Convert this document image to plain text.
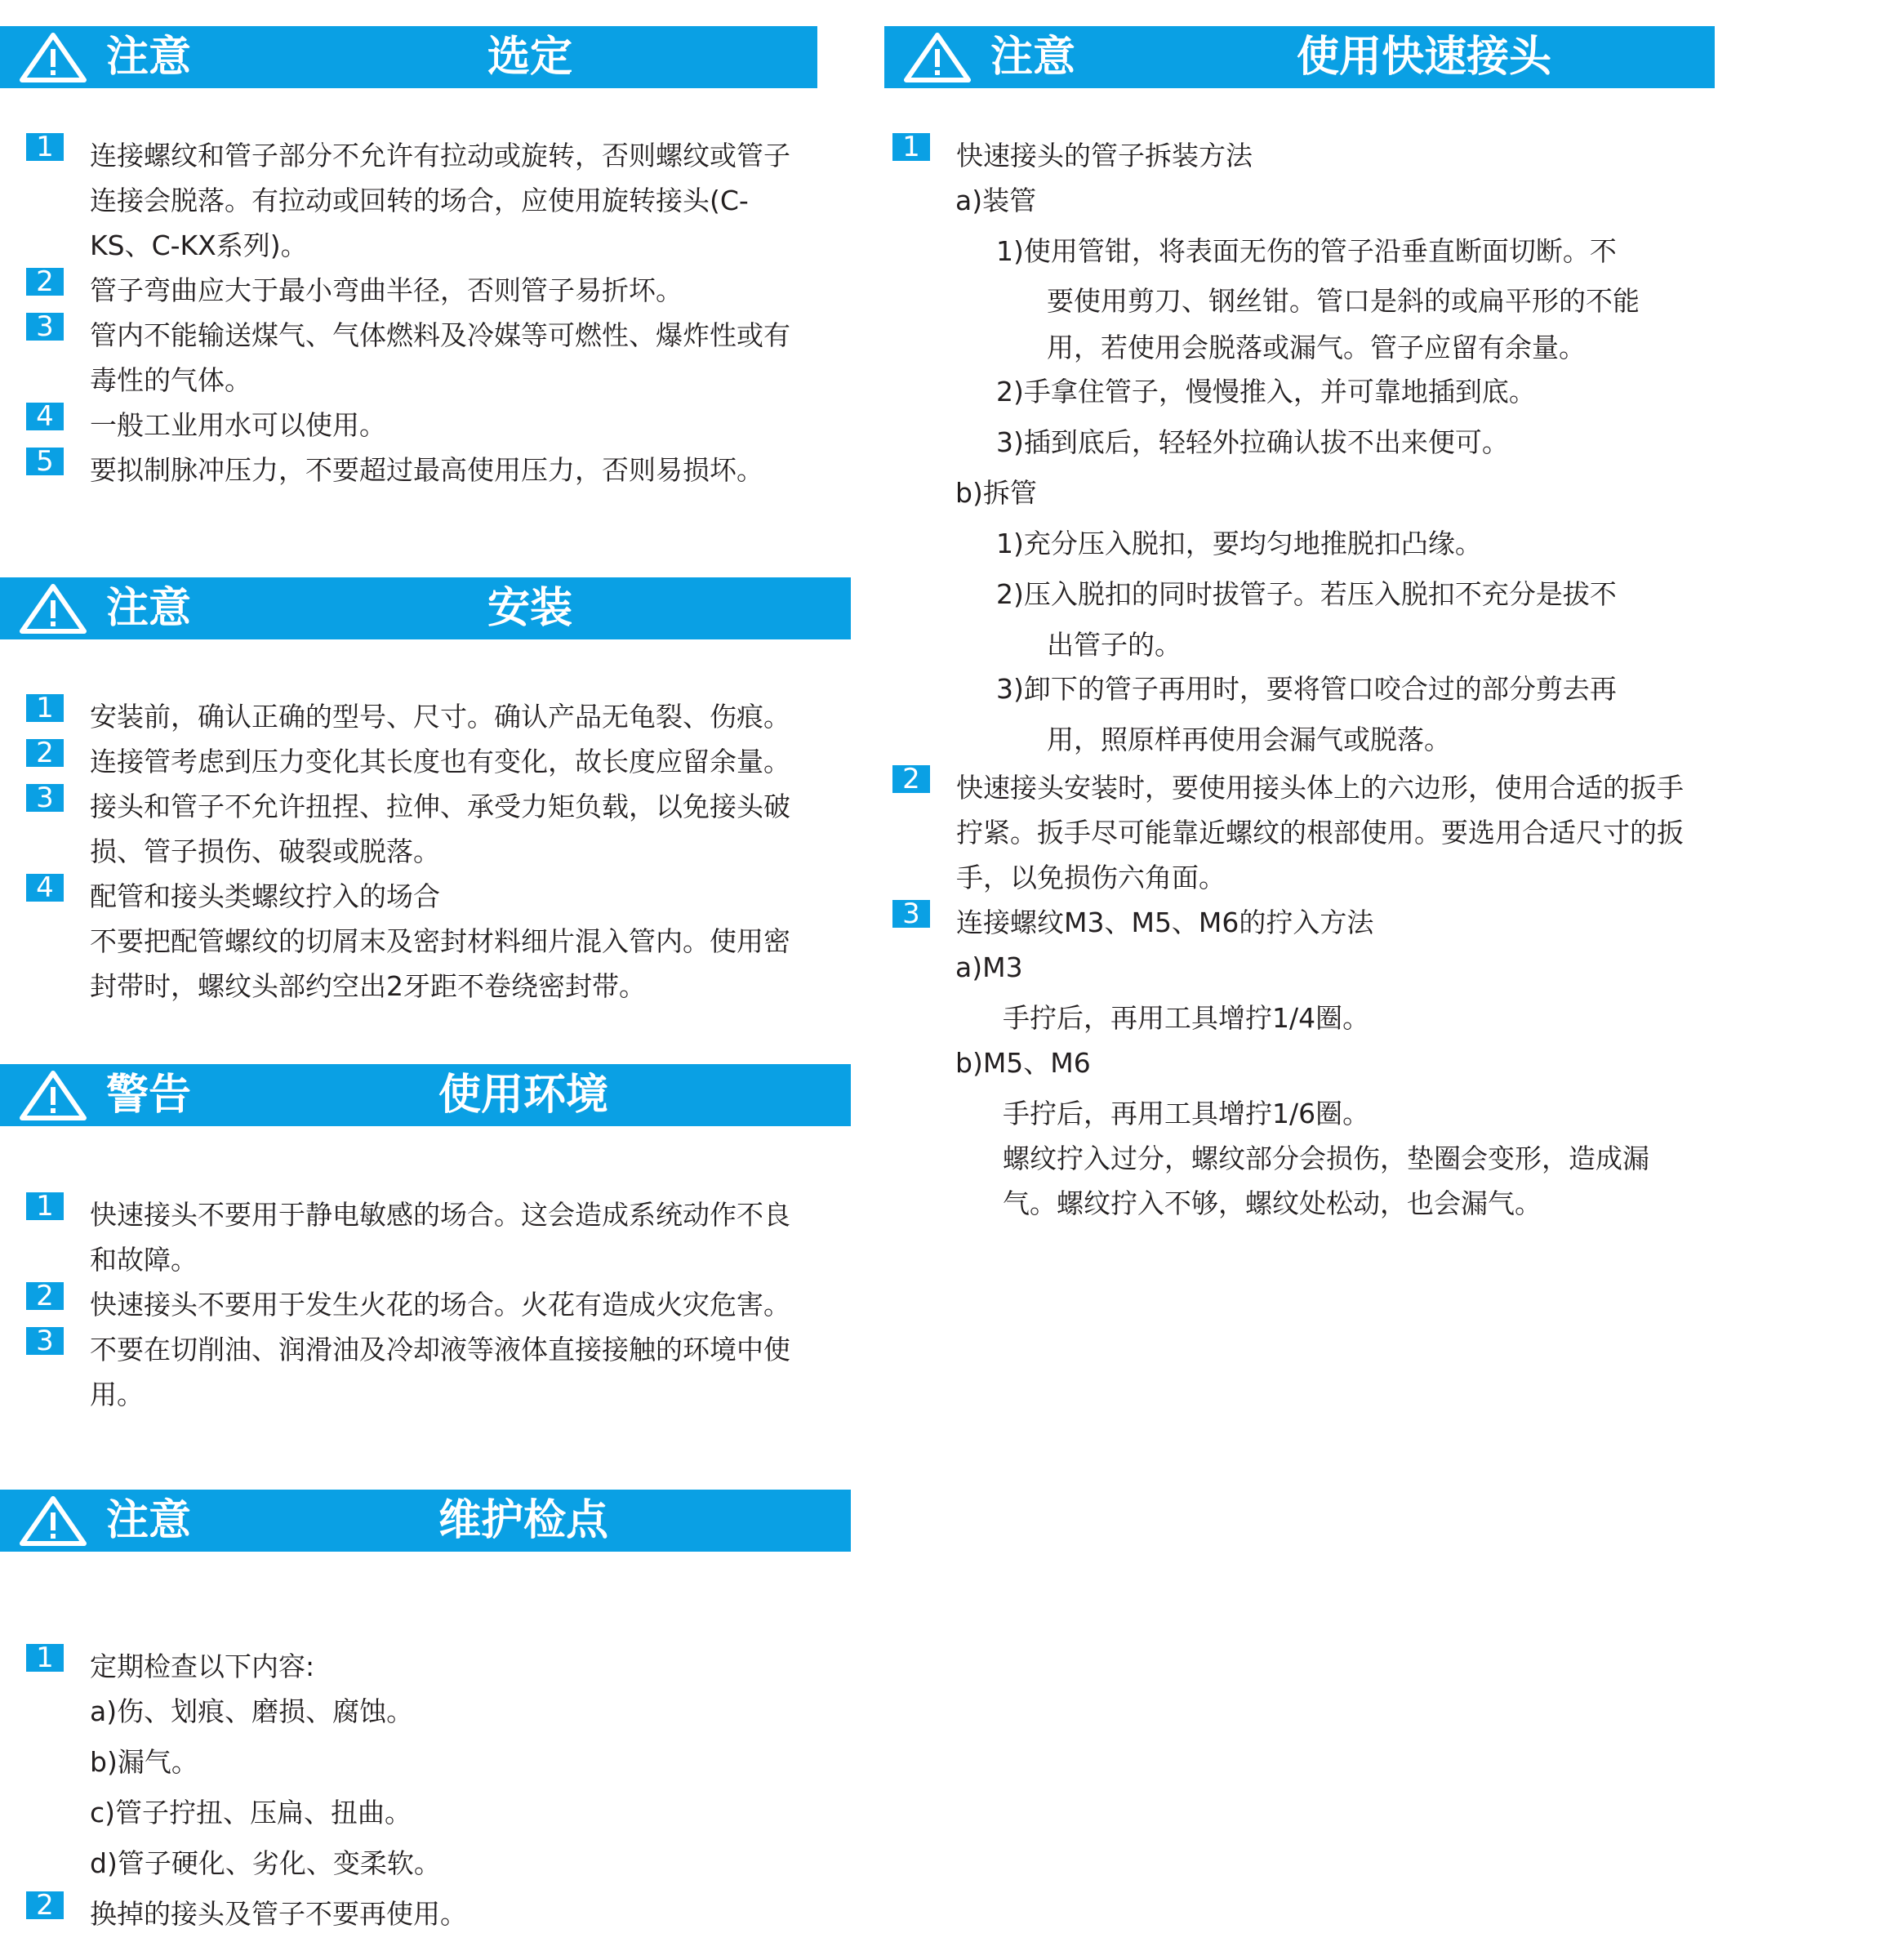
注意	选定
1	连接螺纹和管子部分不允许有拉动或旋转，否则螺纹或管子连接会脱落。有拉动或回转的场合，应使用旋转接头(C-KS、C-KX系列)。
2	管子弯曲应大于最小弯曲半径，否则管子易折坏。
3	管内不能输送煤气、气体燃料及冷媒等可燃性、爆炸性或有毒性的气体。
4	一般工业用水可以使用。
5	要拟制脉冲压力，不要超过最高使用压力，否则易损坏。
注意	安装
1	安装前，确认正确的型号、尺寸。确认产品无龟裂、伤痕。
2	连接管考虑到压力变化其长度也有变化，故长度应留余量。
3	接头和管子不允许扭捏、拉伸、承受力矩负载，以免接头破损、管子损伤、破裂或脱落。
4	配管和接头类螺纹拧入的场合
不要把配管螺纹的切屑末及密封材料细片混入管内。使用密封带时，螺纹头部约空出2牙距不卷绕密封带。
警告	使用环境
1	快速接头不要用于静电敏感的场合。这会造成系统动作不良和故障。
2	快速接头不要用于发生火花的场合。火花有造成火灾危害。
3	不要在切削油、润滑油及冷却液等液体直接接触的环境中使用。
注意	维护检点
1	定期检查以下内容:
a)伤、划痕、磨损、腐蚀。
b)漏气。
c)管子拧扭、压扁、扭曲。
d)管子硬化、劣化、变柔软。
2	换掉的接头及管子不要再使用。
注意	使用快速接头
1	快速接头的管子拆装方法
a)装管
1)使用管钳，将表面无伤的管子沿垂直断面切断。不
要使用剪刀、钢丝钳。管口是斜的或扁平形的不能
用，若使用会脱落或漏气。管子应留有余量。
2)手拿住管子，慢慢推入，并可靠地插到底。
3)插到底后，轻轻外拉确认拔不出来便可。
b)拆管
1)充分压入脱扣，要均匀地推脱扣凸缘。
2)压入脱扣的同时拔管子。若压入脱扣不充分是拔不
出管子的。
3)卸下的管子再用时，要将管口咬合过的部分剪去再
用，照原样再使用会漏气或脱落。
2	快速接头安装时，要使用接头体上的六边形，使用合适的扳手拧紧。扳手尽可能靠近螺纹的根部使用。要选用合适尺寸的扳手，以免损伤六角面。
3	连接螺纹M3、M5、M6的拧入方法
a)M3
手拧后，再用工具增拧1/4圈。
b)M5、M6
手拧后，再用工具增拧1/6圈。
螺纹拧入过分，螺纹部分会损伤，垫圈会变形，造成漏
气。螺纹拧入不够，螺纹处松动，也会漏气。
